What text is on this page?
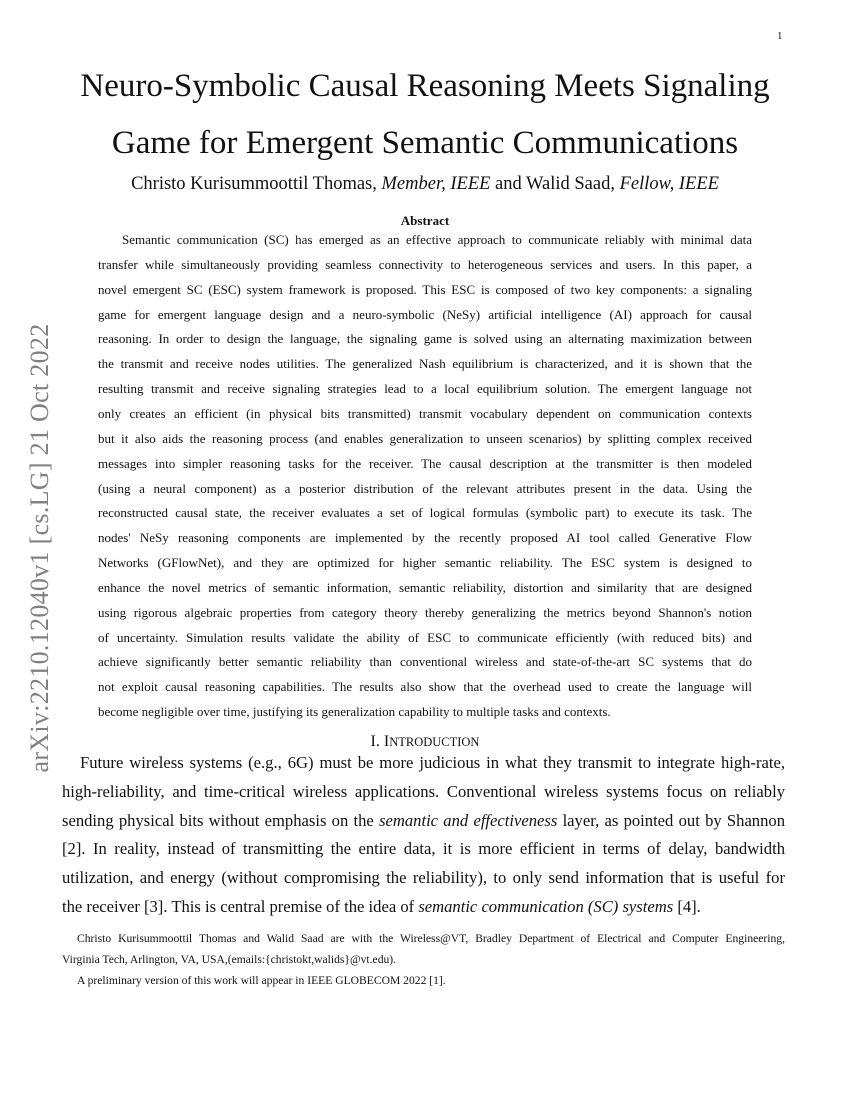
1
arXiv:2210.12040v1 [cs.LG] 21 Oct 2022
Neuro-Symbolic Causal Reasoning Meets Signaling
Game for Emergent Semantic Communications
Christo Kurisummoottil Thomas, Member, IEEE and Walid Saad, Fellow, IEEE
Abstract
Semantic communication (SC) has emerged as an effective approach to communicate reliably with minimal data
transfer while simultaneously providing seamless connectivity to heterogeneous services and users. In this paper, a
novel emergent SC (ESC) system framework is proposed. This ESC is composed of two key components: a signaling
game for emergent language design and a neuro-symbolic (NeSy) artificial intelligence (AI) approach for causal
reasoning. In order to design the language, the signaling game is solved using an alternating maximization between
the transmit and receive nodes utilities. The generalized Nash equilibrium is characterized, and it is shown that the
resulting transmit and receive signaling strategies lead to a local equilibrium solution. The emergent language not
only creates an efficient (in physical bits transmitted) transmit vocabulary dependent on communication contexts
but it also aids the reasoning process (and enables generalization to unseen scenarios) by splitting complex received
messages into simpler reasoning tasks for the receiver. The causal description at the transmitter is then modeled
(using a neural component) as a posterior distribution of the relevant attributes present in the data. Using the
reconstructed causal state, the receiver evaluates a set of logical formulas (symbolic part) to execute its task. The
nodes' NeSy reasoning components are implemented by the recently proposed AI tool called Generative Flow
Networks (GFlowNet), and they are optimized for higher semantic reliability. The ESC system is designed to
enhance the novel metrics of semantic information, semantic reliability, distortion and similarity that are designed
using rigorous algebraic properties from category theory thereby generalizing the metrics beyond Shannon's notion
of uncertainty. Simulation results validate the ability of ESC to communicate efficiently (with reduced bits) and
achieve significantly better semantic reliability than conventional wireless and state-of-the-art SC systems that do
not exploit causal reasoning capabilities. The results also show that the overhead used to create the language will
become negligible over time, justifying its generalization capability to multiple tasks and contexts.
I. INTRODUCTION
Future wireless systems (e.g., 6G) must be more judicious in what they transmit to integrate high-rate,
high-reliability, and time-critical wireless applications. Conventional wireless systems focus on reliably
sending physical bits without emphasis on the semantic and effectiveness layer, as pointed out by Shannon
[2]. In reality, instead of transmitting the entire data, it is more efficient in terms of delay, bandwidth
utilization, and energy (without compromising the reliability), to only send information that is useful for
the receiver [3]. This is central premise of the idea of semantic communication (SC) systems [4].
Christo Kurisummoottil Thomas and Walid Saad are with the Wireless@VT, Bradley Department of Electrical and Computer Engineering,
Virginia Tech, Arlington, VA, USA,(emails:{christokt,walids}@vt.edu).
A preliminary version of this work will appear in IEEE GLOBECOM 2022 [1].
